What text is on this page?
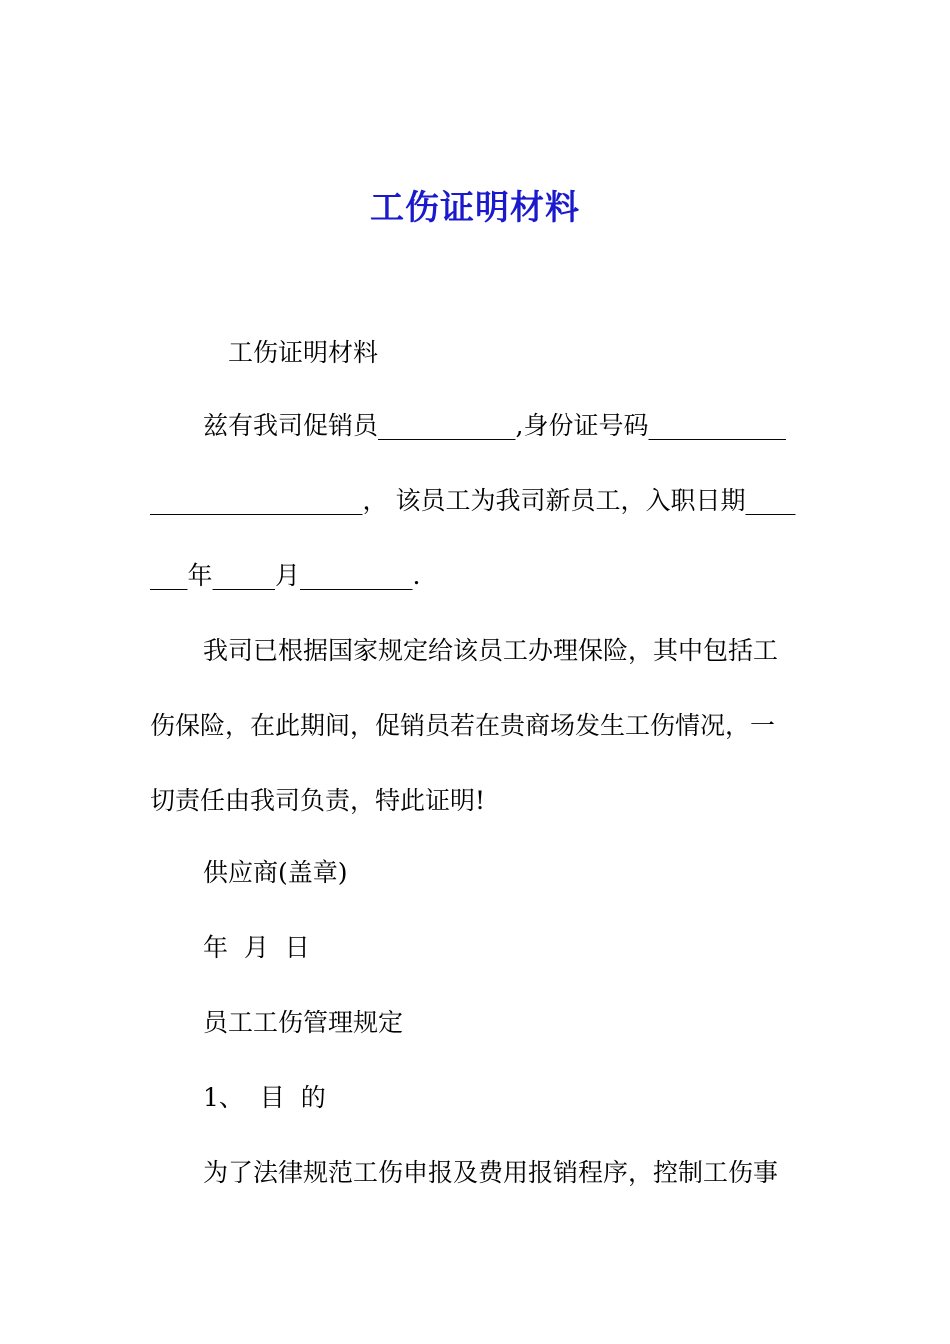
工伤证明材料
工伤证明材料
兹有我司促销员___________,身份证号码___________
_________________， 该员工为我司新员工，入职日期____
___年_____月_________.
我司已根据国家规定给该员工办理保险，其中包括工
伤保险，在此期间，促销员若在贵商场发生工伤情况，一
切责任由我司负责，特此证明!
供应商(盖章)
年  月  日
员工工伤管理规定
1、  目  的
为了法律规范工伤申报及费用报销程序，控制工伤事
